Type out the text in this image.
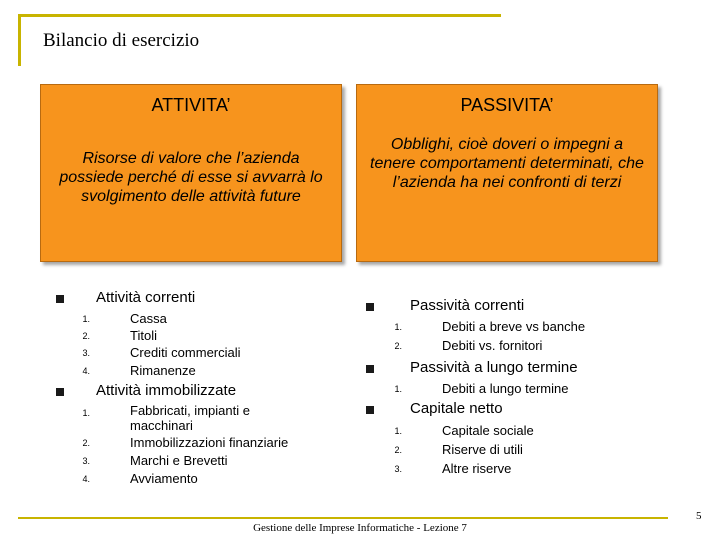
Bilancio di esercizio
ATTIVITA’
Risorse di valore che l’azienda possiede perché di esse si avvarrà lo svolgimento delle attività future
PASSIVITA’
Obblighi, cioè doveri o impegni a tenere comportamenti determinati, che l’azienda ha nei confronti di terzi
Attività correnti
1.	Cassa
2.	Titoli
3.	Crediti commerciali
4.	Rimanenze
Attività immobilizzate
1.	Fabbricati, impianti e macchinari
2.	Immobilizzazioni finanziarie
3.	Marchi e Brevetti
4.	Avviamento
Passività correnti
1.	Debiti a breve vs banche
2.	Debiti vs. fornitori
Passività a lungo termine
1.	Debiti a lungo termine
Capitale netto
1.	Capitale sociale
2.	Riserve di utili
3.	Altre riserve
Gestione delle Imprese Informatiche - Lezione 7
5
